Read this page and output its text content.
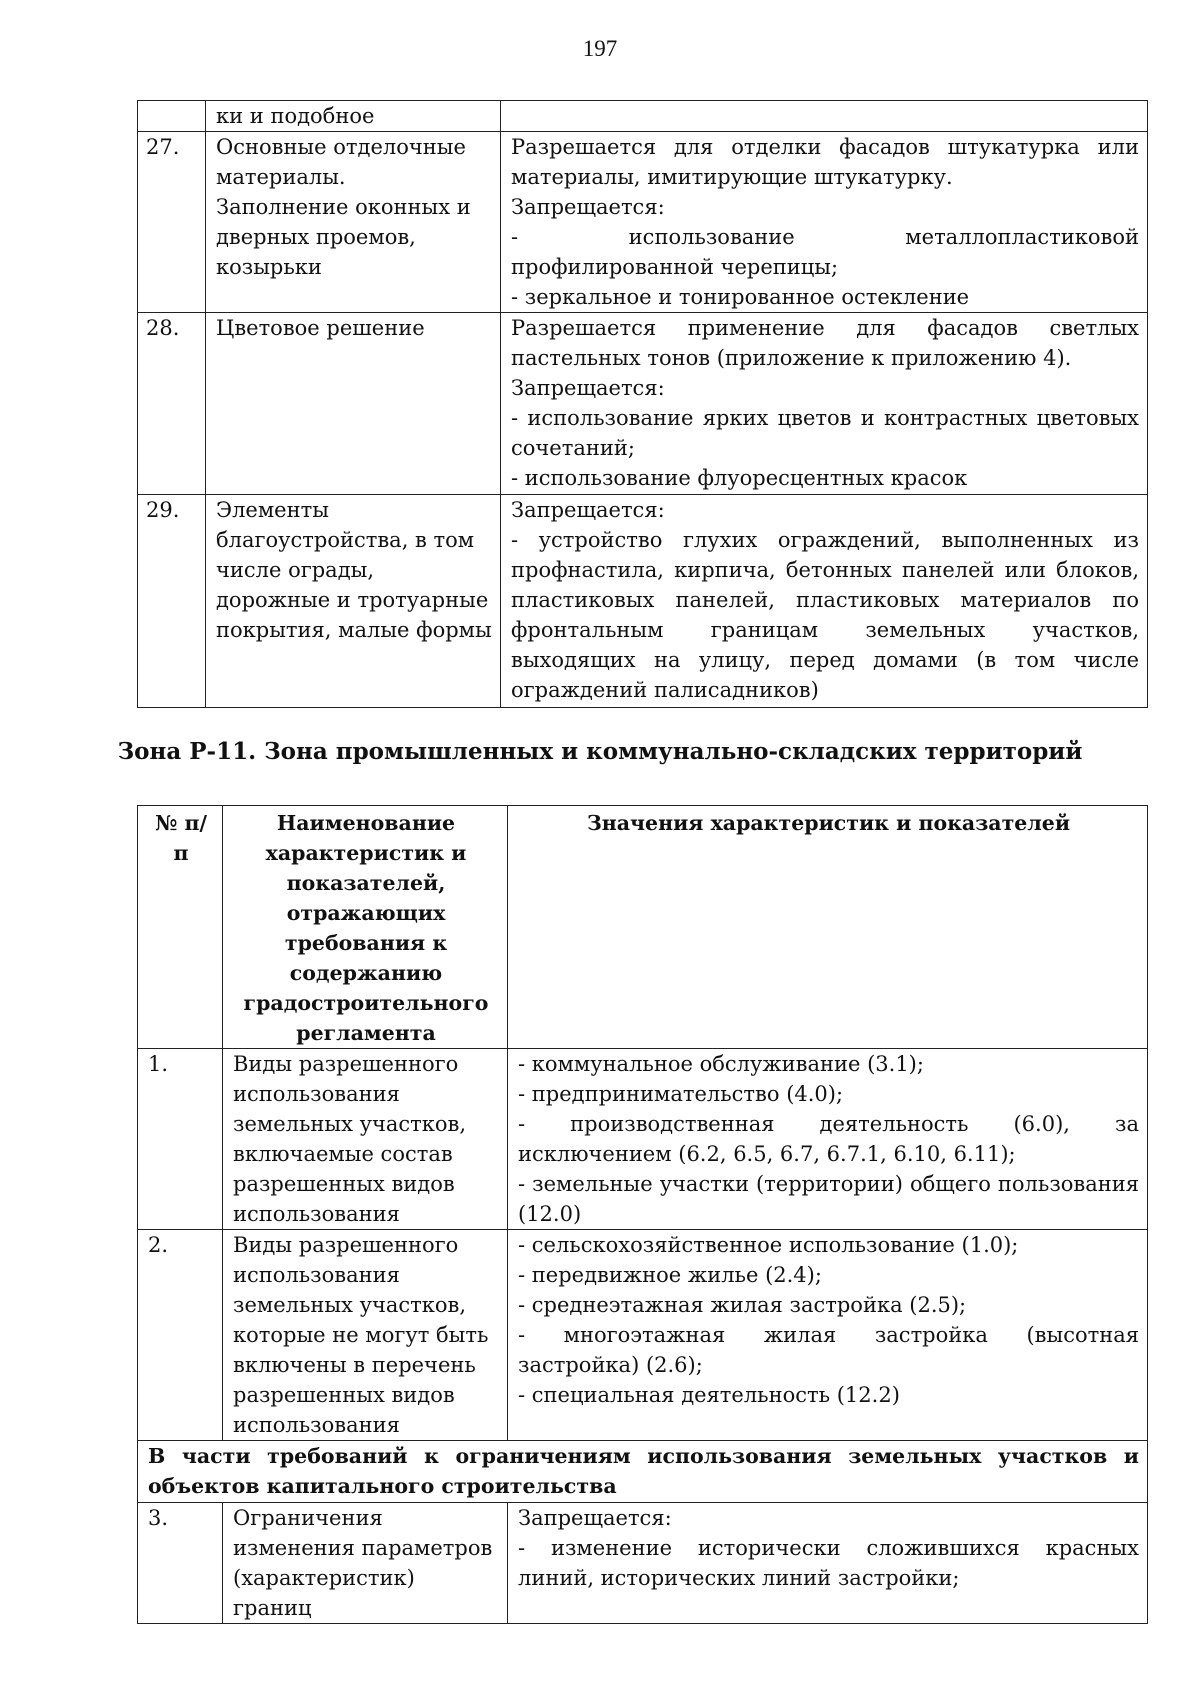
197

	ки и подобное	

27.	Основные отделочные материалы.
Заполнение оконных и дверных проемов, козырьки	Разрешается для отделки фасадов штукатурка или материалы, имитирующие штукатурку.
Запрещается:
- использование металлопластиковой профилированной черепицы;
- зеркальное и тонированное остекление

28.	Цветовое решение	Разрешается применение для фасадов светлых пастельных тонов (приложение к приложению 4).
Запрещается:
- использование ярких цветов и контрастных цветовых сочетаний;
- использование флуоресцентных красок

29.	Элементы благоустройства, в том числе ограды, дорожные и тротуарные покрытия, малые формы	Запрещается:
- устройство глухих ограждений, выполненных из профнастила, кирпича, бетонных панелей или блоков, пластиковых панелей, пластиковых материалов по фронтальным границам земельных участков, выходящих на улицу, перед домами (в том числе ограждений палисадников)
Зона Р-11. Зона промышленных и коммунально-складских территорий
№ п/п	Наименование характеристик и показателей, отражающих требования к содержанию градостроительного регламента	Значения характеристик и показателей
1.	Виды разрешенного использования земельных участков, включаемые состав разрешенных видов использования	- коммунальное обслуживание (3.1);
- предпринимательство (4.0);
- производственная деятельность (6.0), за исключением (6.2, 6.5, 6.7, 6.7.1, 6.10, 6.11);
- земельные участки (территории) общего пользования (12.0)

2.	Виды разрешенного использования земельных участков, которые не могут быть включены в перечень разрешенных видов использования	- сельскохозяйственное использование (1.0);
- передвижное жилье (2.4);
- среднеэтажная жилая застройка (2.5);
- многоэтажная жилая застройка (высотная застройка) (2.6);
- специальная деятельность (12.2)

В части требований к ограничениям использования земельных участков и объектов капитального строительства		
3.	Ограничения изменения параметров (характеристик) границ	Запрещается:
- изменение исторически сложившихся красных линий, исторических линий застройки;
